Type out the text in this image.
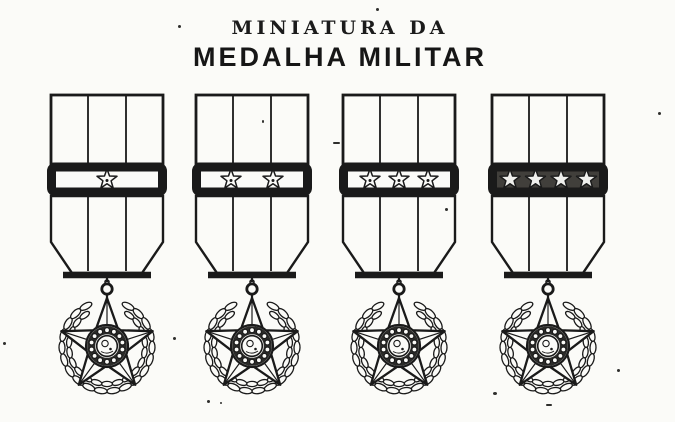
MINIATURA DA
MEDALHA MILITAR
